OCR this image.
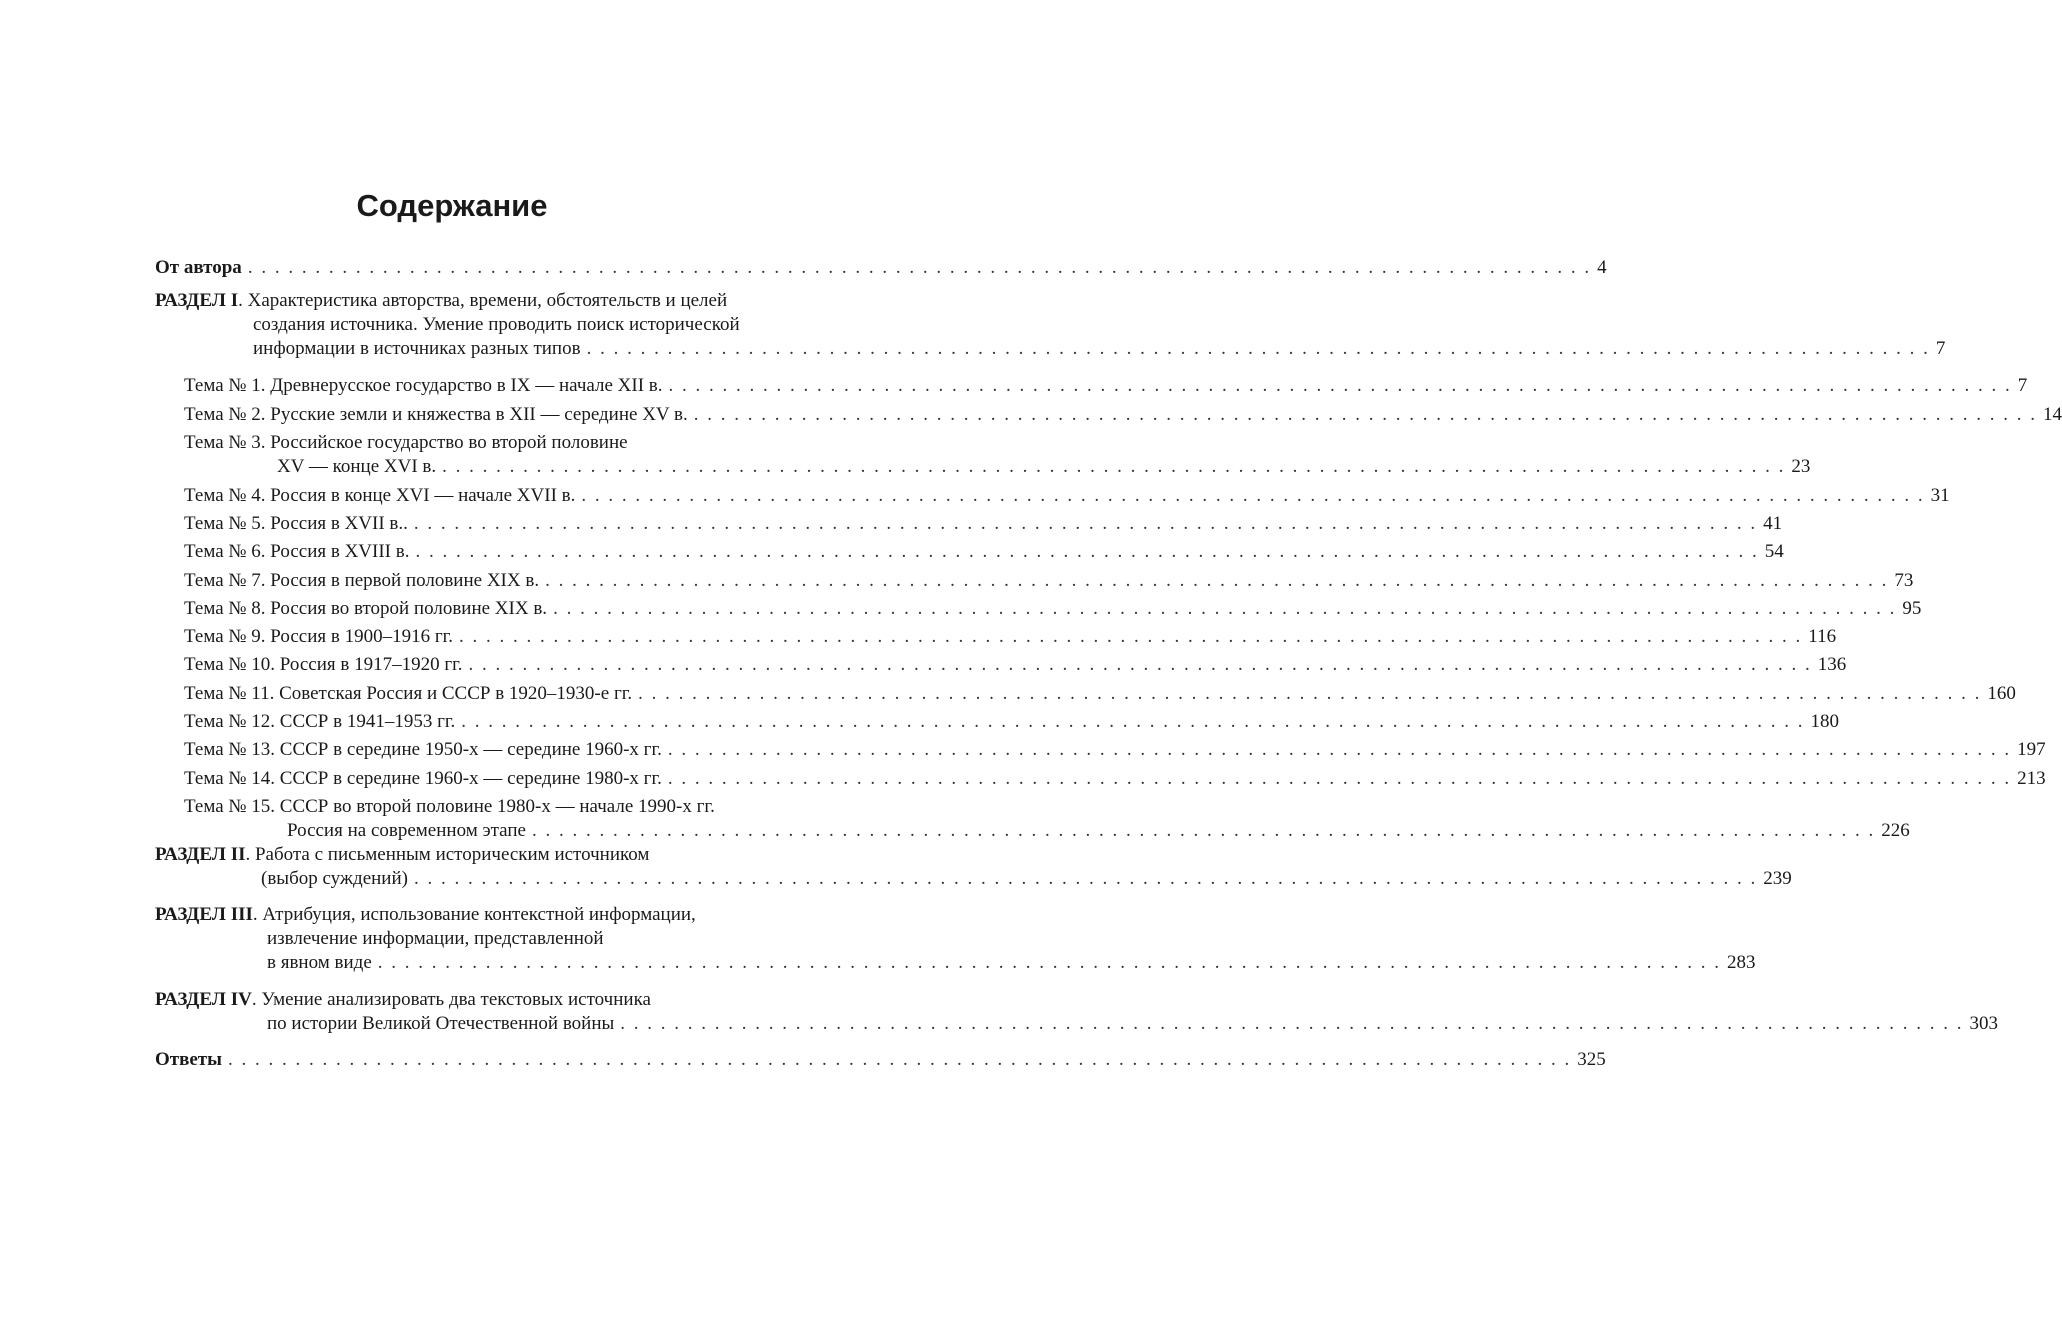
Содержание
От автора . . . . . . . . . . . . . . . . . . . . . . . . . . . . . . . . . . . . . . . . . . . . . . . . . . . . . . . . . . . . . . . . . . . . . . . . . . . . . . . . . . . . . . . . . . . . . . . . . . . . 4
РАЗДЕЛ I . Характеристика авторства, времени, обстоятельств и целей
создания источника. Умение проводить поиск исторической
информации в источниках разных типов . . . . . . . . . . . . . . . . . . . . . . . . . . . . . . . . . . . . . . . . . . . . . . . . . . . . . . . . . . . . . . . . . . . . . . . . . . . . . . . . . . . . . . . . . . . . . . . . . . . . 7
Тема № 1. Древнерусское государство в IX — начале XII в. . . . . . . . . . . . . . . . . . . . . . . . . . . . . . . . . . . . . . . . . . . . . . . . . . . . . . . . . . . . . . . . . . . . . . . . . . . . . . . . . . . . . . . . . . . . . . . . . . . . . 7
Тема № 2. Русские земли и княжества в XII — середине XV в. . . . . . . . . . . . . . . . . . . . . . . . . . . . . . . . . . . . . . . . . . . . . . . . . . . . . . . . . . . . . . . . . . . . . . . . . . . . . . . . . . . . . . . . . . . . . . . . . . . . . 14
Тема № 3. Российское государство во второй половине
XV — конце XVI в. . . . . . . . . . . . . . . . . . . . . . . . . . . . . . . . . . . . . . . . . . . . . . . . . . . . . . . . . . . . . . . . . . . . . . . . . . . . . . . . . . . . . . . . . . . . . . . . . . . . . 23
Тема № 4. Россия в конце XVI — начале XVII в. . . . . . . . . . . . . . . . . . . . . . . . . . . . . . . . . . . . . . . . . . . . . . . . . . . . . . . . . . . . . . . . . . . . . . . . . . . . . . . . . . . . . . . . . . . . . . . . . . . . . 31
Тема № 5. Россия в XVII в.. . . . . . . . . . . . . . . . . . . . . . . . . . . . . . . . . . . . . . . . . . . . . . . . . . . . . . . . . . . . . . . . . . . . . . . . . . . . . . . . . . . . . . . . . . . . . . . . . . . . . 41
Тема № 6. Россия в XVIII в. . . . . . . . . . . . . . . . . . . . . . . . . . . . . . . . . . . . . . . . . . . . . . . . . . . . . . . . . . . . . . . . . . . . . . . . . . . . . . . . . . . . . . . . . . . . . . . . . . . . . 54
Тема № 7. Россия в первой половине XIX в. . . . . . . . . . . . . . . . . . . . . . . . . . . . . . . . . . . . . . . . . . . . . . . . . . . . . . . . . . . . . . . . . . . . . . . . . . . . . . . . . . . . . . . . . . . . . . . . . . . . . 73
Тема № 8. Россия во второй половине XIX в. . . . . . . . . . . . . . . . . . . . . . . . . . . . . . . . . . . . . . . . . . . . . . . . . . . . . . . . . . . . . . . . . . . . . . . . . . . . . . . . . . . . . . . . . . . . . . . . . . . . . 95
Тема № 9. Россия в 1900–1916 гг. . . . . . . . . . . . . . . . . . . . . . . . . . . . . . . . . . . . . . . . . . . . . . . . . . . . . . . . . . . . . . . . . . . . . . . . . . . . . . . . . . . . . . . . . . . . . . . . . . . . . 116
Тема № 10. Россия в 1917–1920 гг. . . . . . . . . . . . . . . . . . . . . . . . . . . . . . . . . . . . . . . . . . . . . . . . . . . . . . . . . . . . . . . . . . . . . . . . . . . . . . . . . . . . . . . . . . . . . . . . . . . . . 136
Тема № 11. Советская Россия и СССР в 1920–1930-е гг. . . . . . . . . . . . . . . . . . . . . . . . . . . . . . . . . . . . . . . . . . . . . . . . . . . . . . . . . . . . . . . . . . . . . . . . . . . . . . . . . . . . . . . . . . . . . . . . . . . . . 160
Тема № 12. СССР в 1941–1953 гг. . . . . . . . . . . . . . . . . . . . . . . . . . . . . . . . . . . . . . . . . . . . . . . . . . . . . . . . . . . . . . . . . . . . . . . . . . . . . . . . . . . . . . . . . . . . . . . . . . . . . 180
Тема № 13. СССР в середине 1950-х — середине 1960-х гг. . . . . . . . . . . . . . . . . . . . . . . . . . . . . . . . . . . . . . . . . . . . . . . . . . . . . . . . . . . . . . . . . . . . . . . . . . . . . . . . . . . . . . . . . . . . . . . . . . . . . 197
Тема № 14. СССР в середине 1960-х — середине 1980-х гг. . . . . . . . . . . . . . . . . . . . . . . . . . . . . . . . . . . . . . . . . . . . . . . . . . . . . . . . . . . . . . . . . . . . . . . . . . . . . . . . . . . . . . . . . . . . . . . . . . . . . 213
Тема № 15. СССР во второй половине 1980-х — начале 1990-х гг.
Россия на современном этапе . . . . . . . . . . . . . . . . . . . . . . . . . . . . . . . . . . . . . . . . . . . . . . . . . . . . . . . . . . . . . . . . . . . . . . . . . . . . . . . . . . . . . . . . . . . . . . . . . . . . 226
РАЗДЕЛ II . Работа с письменным историческим источником
(выбор суждений) . . . . . . . . . . . . . . . . . . . . . . . . . . . . . . . . . . . . . . . . . . . . . . . . . . . . . . . . . . . . . . . . . . . . . . . . . . . . . . . . . . . . . . . . . . . . . . . . . . . . 239
РАЗДЕЛ III . Атрибуция, использование контекстной информации,
извлечение информации, представленной
в явном виде . . . . . . . . . . . . . . . . . . . . . . . . . . . . . . . . . . . . . . . . . . . . . . . . . . . . . . . . . . . . . . . . . . . . . . . . . . . . . . . . . . . . . . . . . . . . . . . . . . . . 283
РАЗДЕЛ IV . Умение анализировать два текстовых источника
по истории Великой Отечественной войны . . . . . . . . . . . . . . . . . . . . . . . . . . . . . . . . . . . . . . . . . . . . . . . . . . . . . . . . . . . . . . . . . . . . . . . . . . . . . . . . . . . . . . . . . . . . . . . . . . . . 303
Ответы . . . . . . . . . . . . . . . . . . . . . . . . . . . . . . . . . . . . . . . . . . . . . . . . . . . . . . . . . . . . . . . . . . . . . . . . . . . . . . . . . . . . . . . . . . . . . . . . . . . . 325
